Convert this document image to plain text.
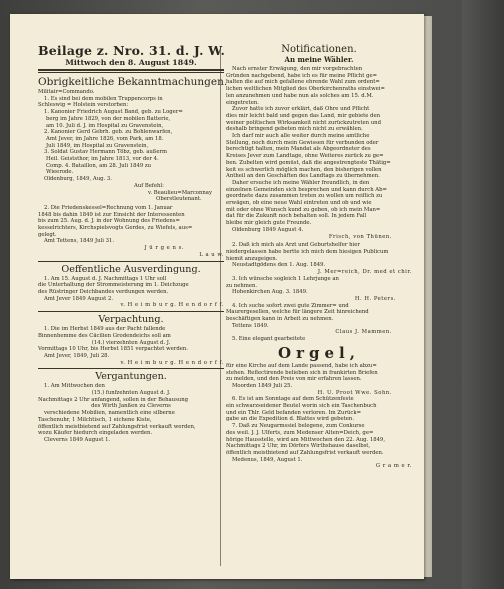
Beilage z. Nro. 31. d. J. W.
Mittwoch den 8. August 1849.
Obrigkeitliche Bekanntmachungen.
Militair=Commando.
1. Es sind bei dem mobilen Truppencorps in
Schleswig = Holstein verstorben:
1. Kanonier Friedrich August Band, geb. zu Loger=
berg im Jahre 1829, von der mobilen Batterie,
am 10. Juli d. J. im Hospital zu Gravenstein,
2. Kanonier Gerd Gebrh. geb. zu Bohlenwarfen,
Amt Jever, im Jahre 1826, vom Park, am 18.
Juli 1849, im Hospital zu Gravenstein,
3. Soldat Gustav Hermann Töbz, geb. außerm
Heil. Geiststhor, im Jahre 1813, vor der 4.
Comp. 4. Bataillon, am 28. Juli 1849 zu
Wieerode.
Oldenburg, 1849, Aug. 3.
Auf Befehl:
v. Beaulieu=Marconnay
Oberstleutenant.
2. Die Friedenskessel=Rechnung vom 1. Januar
1848 bis dahin 1849 ist zur Einsicht der Interessenten
bis zum 25. Aug. d. J. in der Wohnung des Friedens=
kesselrichters, Kirchspielsvogts Gerdes, zu Wiefels, aus=
gelegt.
Amt Tettens, 1849 Juli 31.
J ü r g e n s.
L a u w.
Oeffentliche Ausverdingung.
1. Am 15. August d. J. Nachmittags 1 Uhr soll
die Unterhaltung der Strommeisterung im 1. Deichzuge
des Rüstringer Deichbandes verdungen werden.
Amt Jever 1849 August 2.
v. H e i m b u r g. H e n d o r f f.
Verpachtung.
1. Die im Herbst 1849 aus der Pacht fallende
Binnenhemme des Cäcilien Grodendeichs soll am
(14.) vierzehnten August d. J.
Vormittags 10 Uhr, bis Herbst 1851 verpachtet werden.
Amt Jever, 1849, Juli 28.
v. H e i m b u r g. H e n d o r f f.
Vergantungen.
1. Am Mittwochen den
(15.) funfzehnten August d. J.
Nachmittags 2 Uhr anfangend, sollen in der Behausung
des Wirth Janßen zu Cleverns
verschiedene Mobilien, namentlich eine silberne
Taschenuhr, 1 Milchtisch, 1 eichene Kiste,
öffentlich meistbietend auf Zahlungsfrist verkauft werden,
wozu Käufer hiedurch eingeladen werden.
Cleverns 1849 August 1.
Notificationen.
An meine Wähler.
Nach ernster Erwägung, den mir vorgebrachten
Gründen nachgebend, habe ich es für meine Pflicht ge=
halten die auf mich gefallene ehrende Wahl zum ordent=
lichen weltlichen Mitglied des Oberkirchenraths einstwei=
len anzunehmen und habe nun als solches am 15. d.M.
eingetreten.
Zuvor hatte ich zuvor erklärt, daß Ohre und Pflicht
dies mir leicht bald und gegen das Land, mir gebiete den
weiner politischen Wirksamkeit nicht zurückzutreten und
deshalb bringend gebeten mich nicht zu erwählen.
Ich darf mir auch alle weiter durch meine amtliche
Stellung, noch durch mein Gewissen für verbunden oder
berechtigt halten, mein Mandat als Abgeordneter des
Kreises Jever zum Landtage, ohne Weiteres zurück zu ge=
ben. Zubelten wird gemüst, daß die angestrengteste Thätig=
keit es schwerlich möglich machen, den bisherigen vollen
Antheil an den Geschäften des Landtags zu übernehmen.
Daher ersuche ich meine Wähler freundlich, in den
einzelnen Gemeinden sich besprechen und kann durch Ab=
geordnete dazu zusammen treten zu wollen um reiflich zu
erwägen, ob eine neue Wahl eintreten und ob und wie
mit oder ohne Wunsch kund zu geben, ob ich mein Man=
dat für die Zukunft noch behalten soll. In jedem Fall
bleibe mir gleich gute Freunde.
Oldenburg 1849 August 4.
Frisch, von Thünen.
2. Daß ich mich als Arzt und Geburtshelfer hier
niedergelassen habe bertte ich mich dem hiesigen Publicum
hiemit anzugeigen.
Neustadtgödens den 1. Aug. 1849.
J. Mer=reich, Dr. med et chir.
3. Ich wünsche sogleich 1 Lehrjunge an
zu nehmen.
Hohenkirchen Aug. 3. 1849.
H. H. Peters.
4. Ich suche sofort zwei gute Zimmer= und
Maurergesellen, welche für längere Zeit hinreichend
beschäftigen kann in Arbeit zu nehmen.
Tettens 1849.
Claus J. Mammen.
5. Eine elegant gearbeitete
Orgel,
für eine Kirche auf dem Lande passend, habe ich abzu=
stehen. Reflectirende belieben sich in frankirten Briefen
zu melden, und den Preis von mir erfahren lassen.
Moorden 1849 Juli 25.
H. U. Proot Wwe. Sohn.
6. Es ist am Sonntage auf dem Schützenfeste
ein schwarzseidener Beutel worin sich ein Taschenbuch
und ein Thlr. Geld befanden verloren. Im Zurück=
gabe an die Expedition d. Blattes wird gebeten.
7. Daß zu Neugarmssiel belegene, zum Conkurse
des weil. J. J. Ulferts, zum Medenser Alten=Deich, ge=
hörige Hausstelle, wird am Mittwochen den 22. Aug. 1849,
Nachmittags 2 Uhr, im Dörfers Wirthshause daselbst,
öffentlich meistbietend auf Zahlungsfrist verkauft werden.
Medenus, 1849, August 1.
G r a m e r.
